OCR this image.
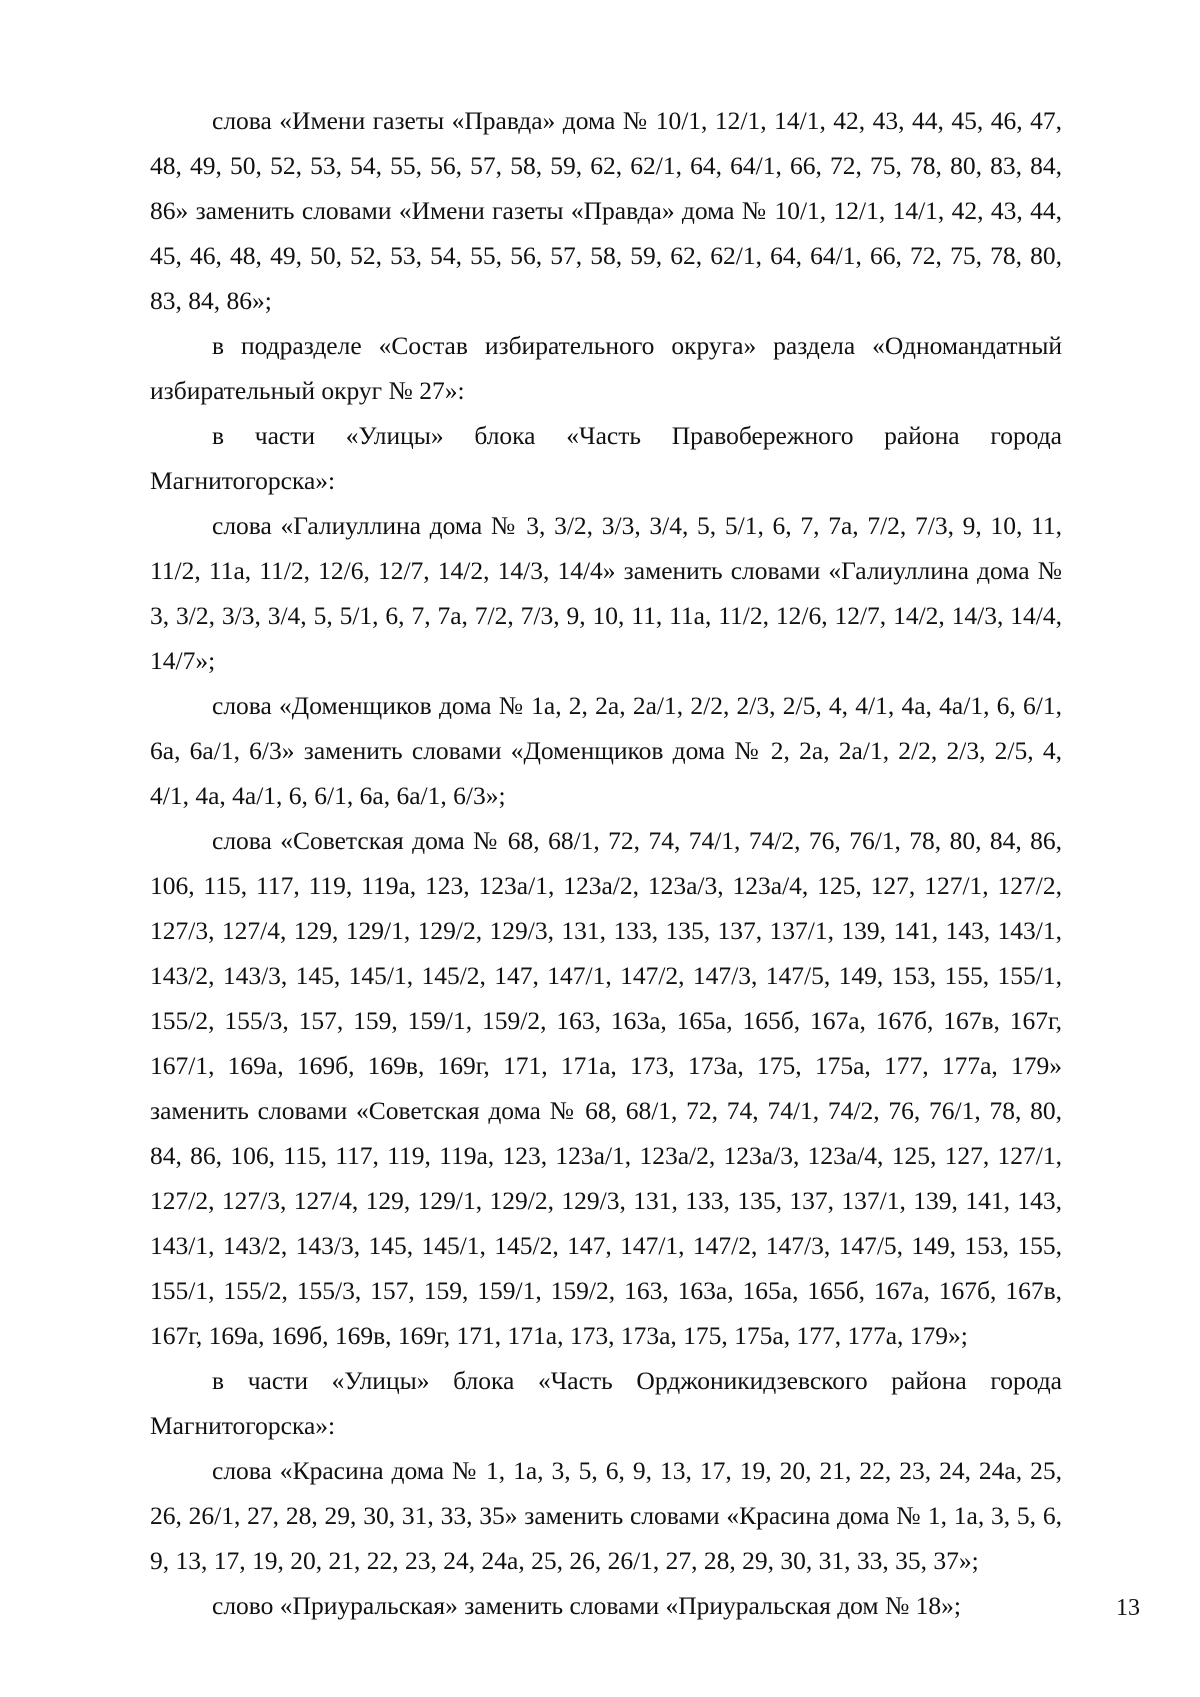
слова «Имени газеты «Правда» дома № 10/1, 12/1, 14/1, 42, 43, 44, 45, 46, 47, 48, 49, 50, 52, 53, 54, 55, 56, 57, 58, 59, 62, 62/1, 64, 64/1, 66, 72, 75, 78, 80, 83, 84, 86» заменить словами «Имени газеты «Правда» дома № 10/1, 12/1, 14/1, 42, 43, 44, 45, 46, 48, 49, 50, 52, 53, 54, 55, 56, 57, 58, 59, 62, 62/1, 64, 64/1, 66, 72, 75, 78, 80, 83, 84, 86»;

в подразделе «Состав избирательного округа» раздела «Одномандатный избирательный округ № 27»:

в части «Улицы» блока «Часть Правобережного района города Магнитогорска»:

слова «Галиуллина дома № 3, 3/2, 3/3, 3/4, 5, 5/1, 6, 7, 7а, 7/2, 7/3, 9, 10, 11, 11/2, 11а, 11/2, 12/6, 12/7, 14/2, 14/3, 14/4» заменить словами «Галиуллина дома № 3, 3/2, 3/3, 3/4, 5, 5/1, 6, 7, 7а, 7/2, 7/3, 9, 10, 11, 11а, 11/2, 12/6, 12/7, 14/2, 14/3, 14/4, 14/7»;

слова «Доменщиков дома № 1а, 2, 2а, 2а/1, 2/2, 2/3, 2/5, 4, 4/1, 4а, 4а/1, 6, 6/1, 6а, 6а/1, 6/3» заменить словами «Доменщиков дома № 2, 2а, 2а/1, 2/2, 2/3, 2/5, 4, 4/1, 4а, 4а/1, 6, 6/1, 6а, 6а/1, 6/3»;

слова «Советская дома № 68, 68/1, 72, 74, 74/1, 74/2, 76, 76/1, 78, 80, 84, 86, 106, 115, 117, 119, 119а, 123, 123а/1, 123а/2, 123а/3, 123а/4, 125, 127, 127/1, 127/2, 127/3, 127/4, 129, 129/1, 129/2, 129/3, 131, 133, 135, 137, 137/1, 139, 141, 143, 143/1, 143/2, 143/3, 145, 145/1, 145/2, 147, 147/1, 147/2, 147/3, 147/5, 149, 153, 155, 155/1, 155/2, 155/3, 157, 159, 159/1, 159/2, 163, 163а, 165а, 165б, 167а, 167б, 167в, 167г, 167/1, 169а, 169б, 169в, 169г, 171, 171а, 173, 173а, 175, 175а, 177, 177а, 179» заменить словами «Советская дома № 68, 68/1, 72, 74, 74/1, 74/2, 76, 76/1, 78, 80, 84, 86, 106, 115, 117, 119, 119а, 123, 123а/1, 123а/2, 123а/3, 123а/4, 125, 127, 127/1, 127/2, 127/3, 127/4, 129, 129/1, 129/2, 129/3, 131, 133, 135, 137, 137/1, 139, 141, 143, 143/1, 143/2, 143/3, 145, 145/1, 145/2, 147, 147/1, 147/2, 147/3, 147/5, 149, 153, 155, 155/1, 155/2, 155/3, 157, 159, 159/1, 159/2, 163, 163а, 165а, 165б, 167а, 167б, 167в, 167г, 169а, 169б, 169в, 169г, 171, 171а, 173, 173а, 175, 175а, 177, 177а, 179»;

в части «Улицы» блока «Часть Орджоникидзевского района города Магнитогорска»:

слова «Красина дома № 1, 1а, 3, 5, 6, 9, 13, 17, 19, 20, 21, 22, 23, 24, 24а, 25, 26, 26/1, 27, 28, 29, 30, 31, 33, 35» заменить словами «Красина дома № 1, 1а, 3, 5, 6, 9, 13, 17, 19, 20, 21, 22, 23, 24, 24а, 25, 26, 26/1, 27, 28, 29, 30, 31, 33, 35, 37»;

слово «Приуральская» заменить словами «Приуральская дом № 18»;	13
